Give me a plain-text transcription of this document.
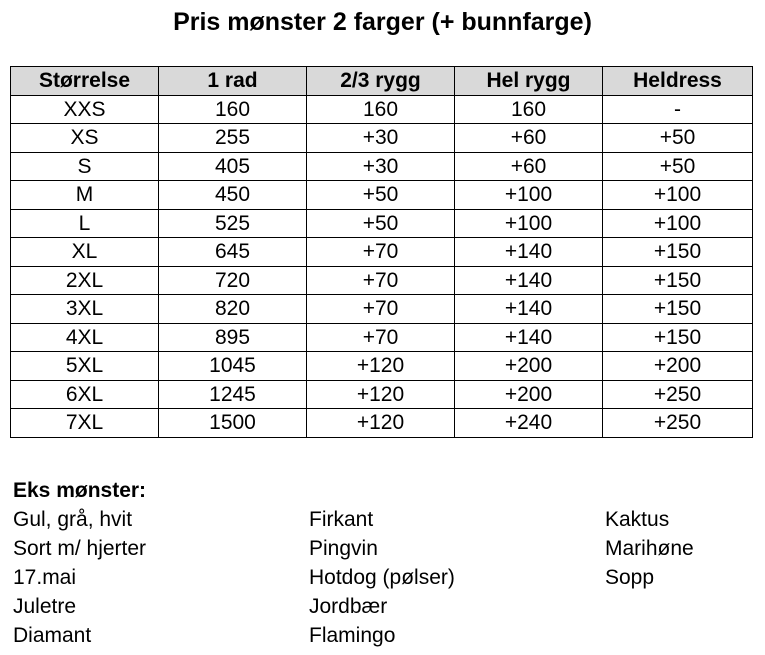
Pris mønster 2 farger (+ bunnfarge)
Størrelse	1 rad	2/3 rygg	Hel rygg	Heldress
XXS	160	160	160	-
XS	255	+30	+60	+50
S	405	+30	+60	+50
M	450	+50	+100	+100
L	525	+50	+100	+100
XL	645	+70	+140	+150
2XL	720	+70	+140	+150
3XL	820	+70	+140	+150
4XL	895	+70	+140	+150
5XL	1045	+120	+200	+200
6XL	1245	+120	+200	+250
7XL	1500	+120	+240	+250
Eks mønster:
Gul, grå, hvit
Sort m/ hjerter
17.mai
Juletre
Diamant
Firkant
Pingvin
Hotdog (pølser)
Jordbær
Flamingo
Kaktus
Marihøne
Sopp
